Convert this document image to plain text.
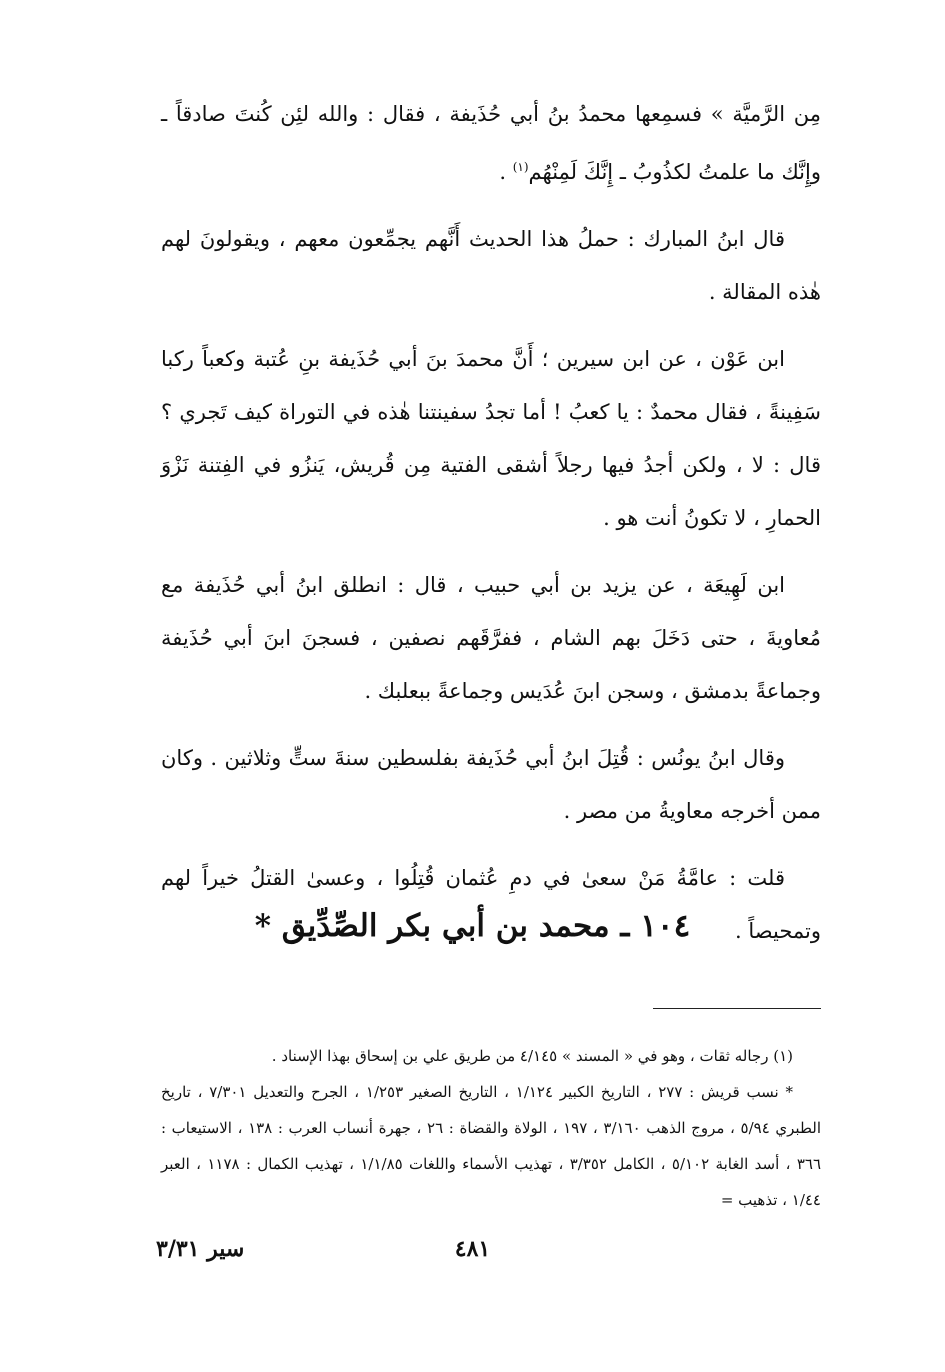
مِن الرَّميَّة » فسمِعها محمدُ بنُ أبي حُذَيفة ، فقال : والله لئِن كُنتَ صادقاً ـ وإِنَّك ما علمتُ لكذُوبُ ـ إِنَّكَ لَمِنْهُم$^{(١)}$ .

قال ابنُ المبارك : حملُ هذا الحديث أَنَّهم يجمِّعون معهم ، ويقولونَ لهم هٰذه المقالة .

ابن عَوْن ، عن ابن سيرين ؛ أَنَّ محمدَ بنَ أبي حُذَيفة بنِ عُتبة وكعباً ركبا سَفِينةً ، فقال محمدٌ : يا كعبُ ! أما تجدُ سفينتنا هٰذه في التوراة كيف تَجري ؟ قال : لا ، ولكن أجدُ فيها رجلاً أشقى الفتية مِن قُريش، يَنزُو في الفِتنة نَزْوَ الحمارِ ، لا تكونُ أنت هو .

ابن لَهِيعَة ، عن يزيد بن أبي حبيب ، قال : انطلق ابنُ أبي حُذَيفة مع مُعاويةَ ، حتى دَخَلَ بهم الشام ، ففرَّقَهم نصفين ، فسجنَ ابنَ أبي حُذَيفة وجماعةً بدمشق ، وسجن ابنَ عُدَيس وجماعةً ببعلبك .

وقال ابنُ يونُس : قُتِلَ ابنُ أبي حُذَيفة بفلسطين سنةَ ستٍّ وثلاثين . وكان ممن أخرجه معاويةُ من مصر .

قلت : عامَّةُ مَنْ سعىٰ في دمِ عُثمان قُتِلُوا ، وعسىٰ القتلُ خيراً لهم وتمحيصاً .

١٠٤ ـ محمد بن أبي بكر الصِّدِّيق *

(١) رجاله ثقات ، وهو في « المسند » ٤/١٤٥ من طريق علي بن إسحاق بهذا الإسناد .

* نسب قريش : ٢٧٧ ، التاريخ الكبير ١/١٢٤ ، التاريخ الصغير ١/٢٥٣ ، الجرح والتعديل ٧/٣٠١ ، تاريخ الطبري ٥/٩٤ ، مروج الذهب ٣/١٦٠ ، ١٩٧ ، الولاة والقضاة : ٢٦ ، جهرة أنساب العرب : ١٣٨ ، الاستيعاب : ٣٦٦ ، أسد الغابة ٥/١٠٢ ، الكامل ٣/٣٥٢ ، تهذيب الأسماء واللغات ١/١/٨٥ ، تهذيب الكمال : ١١٧٨ ، العبر ١/٤٤ ، تذهيب =

٤٨١
سير ٣/٣١
